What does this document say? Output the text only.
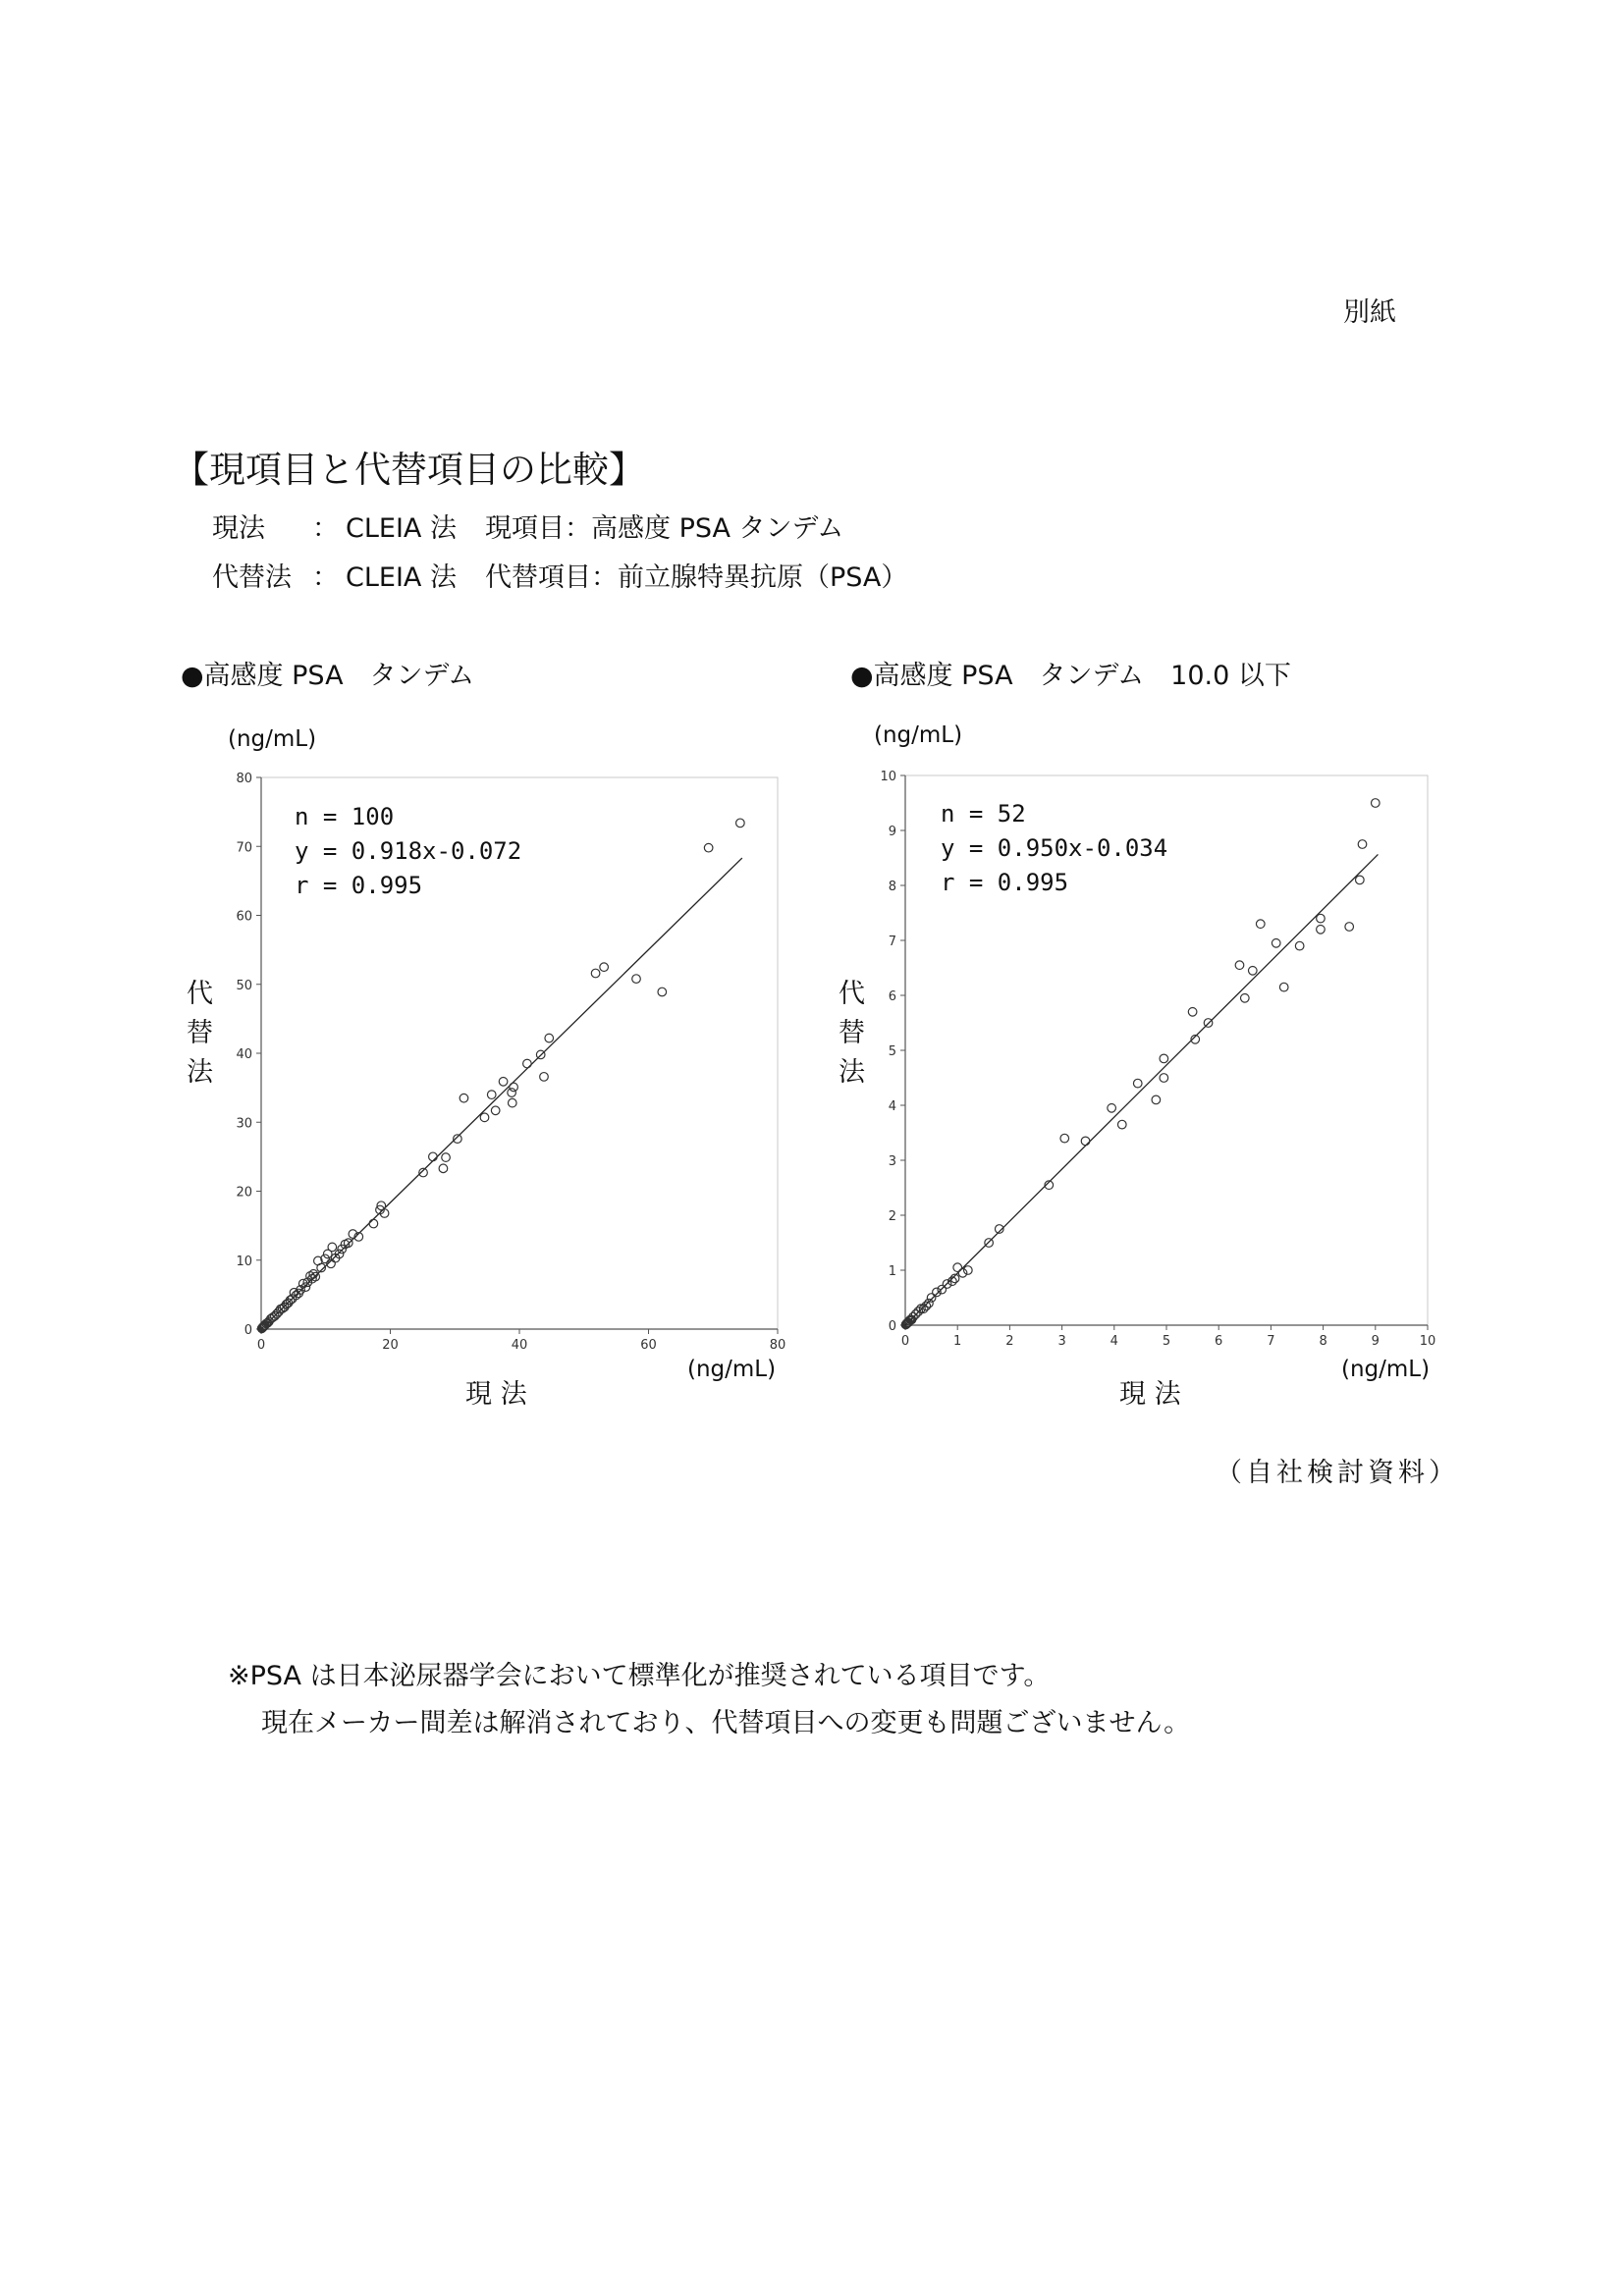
別紙
【現項目と代替項目の比較】
現法 ： CLEIA 法 現項目：高感度 PSA タンデム
代替法 ： CLEIA 法 代替項目：前立腺特異抗原（PSA）
●高感度 PSA　タンデム
(ng/mL)
代
替
法
現 法
(ng/mL)
0	20	40	60	80
0
10
20
30
40
50
60
70
80
n = 100
y = 0.918x-0.072
r = 0.995
●高感度 PSA　タンデム　10.0 以下
(ng/mL)
代
替
法
現 法
(ng/mL)
0	1	2	3	4	5	6	7	8	9	10
0
1
2
3
4
5
6
7
8
9
10
n = 52
y = 0.950x-0.034
r = 0.995
（自社検討資料）
※PSA は日本泌尿器学会において標準化が推奨されている項目です。
現在メーカー間差は解消されており、代替項目への変更も問題ございません。
